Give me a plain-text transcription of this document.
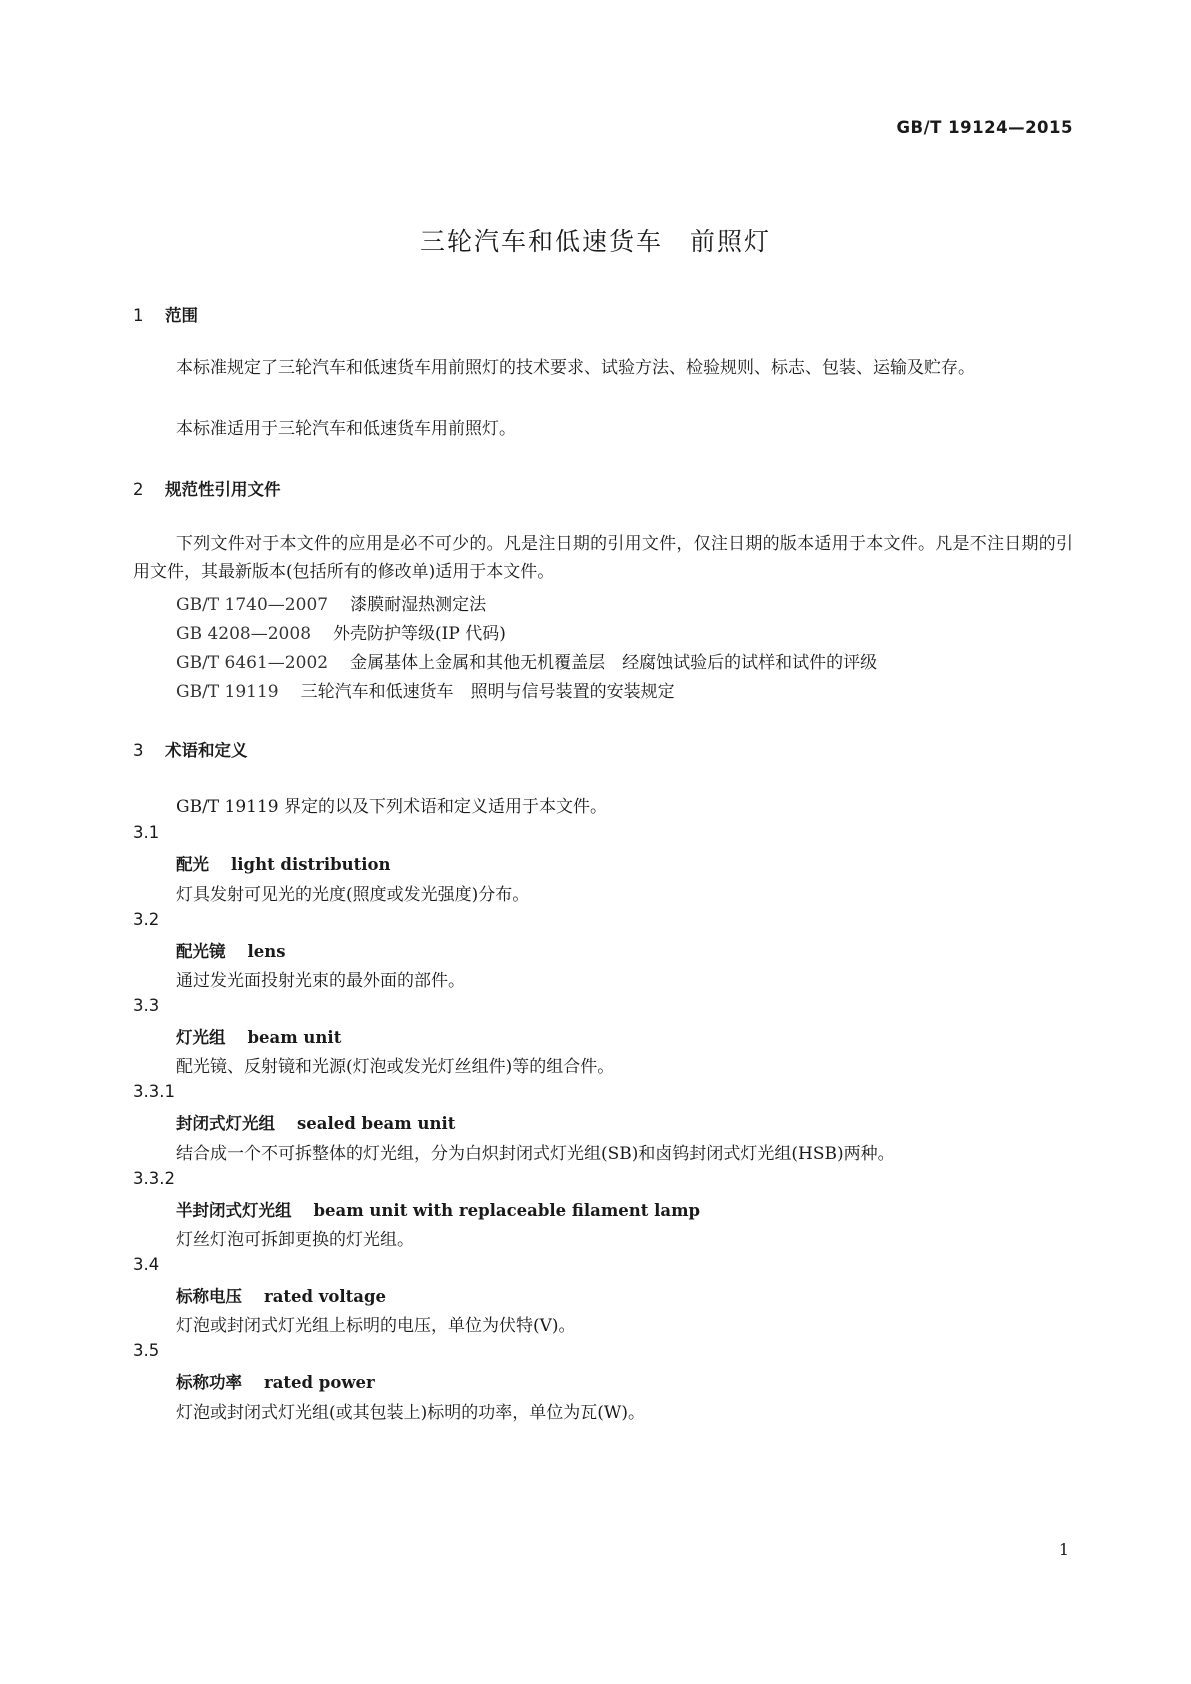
GB/T 19124—2015
三轮汽车和低速货车　前照灯
1 范围
本标准规定了三轮汽车和低速货车用前照灯的技术要求、试验方法、检验规则、标志、包装、运输及贮存。
本标准适用于三轮汽车和低速货车用前照灯。
2 规范性引用文件
下列文件对于本文件的应用是必不可少的。凡是注日期的引用文件，仅注日期的版本适用于本文件。凡是不注日期的引用文件，其最新版本(包括所有的修改单)适用于本文件。
GB/T 1740—2007 漆膜耐湿热测定法
GB 4208—2008 外壳防护等级(IP 代码)
GB/T 6461—2002 金属基体上金属和其他无机覆盖层　经腐蚀试验后的试样和试件的评级
GB/T 19119 三轮汽车和低速货车　照明与信号装置的安装规定
3 术语和定义
GB/T 19119 界定的以及下列术语和定义适用于本文件。
3.1
配光 light distribution
灯具发射可见光的光度(照度或发光强度)分布。
3.2
配光镜 lens
通过发光面投射光束的最外面的部件。
3.3
灯光组 beam unit
配光镜、反射镜和光源(灯泡或发光灯丝组件)等的组合件。
3.3.1
封闭式灯光组 sealed beam unit
结合成一个不可拆整体的灯光组，分为白炽封闭式灯光组(SB)和卤钨封闭式灯光组(HSB)两种。
3.3.2
半封闭式灯光组 beam unit with replaceable filament lamp
灯丝灯泡可拆卸更换的灯光组。
3.4
标称电压 rated voltage
灯泡或封闭式灯光组上标明的电压，单位为伏特(V)。
3.5
标称功率 rated power
灯泡或封闭式灯光组(或其包装上)标明的功率，单位为瓦(W)。
1
